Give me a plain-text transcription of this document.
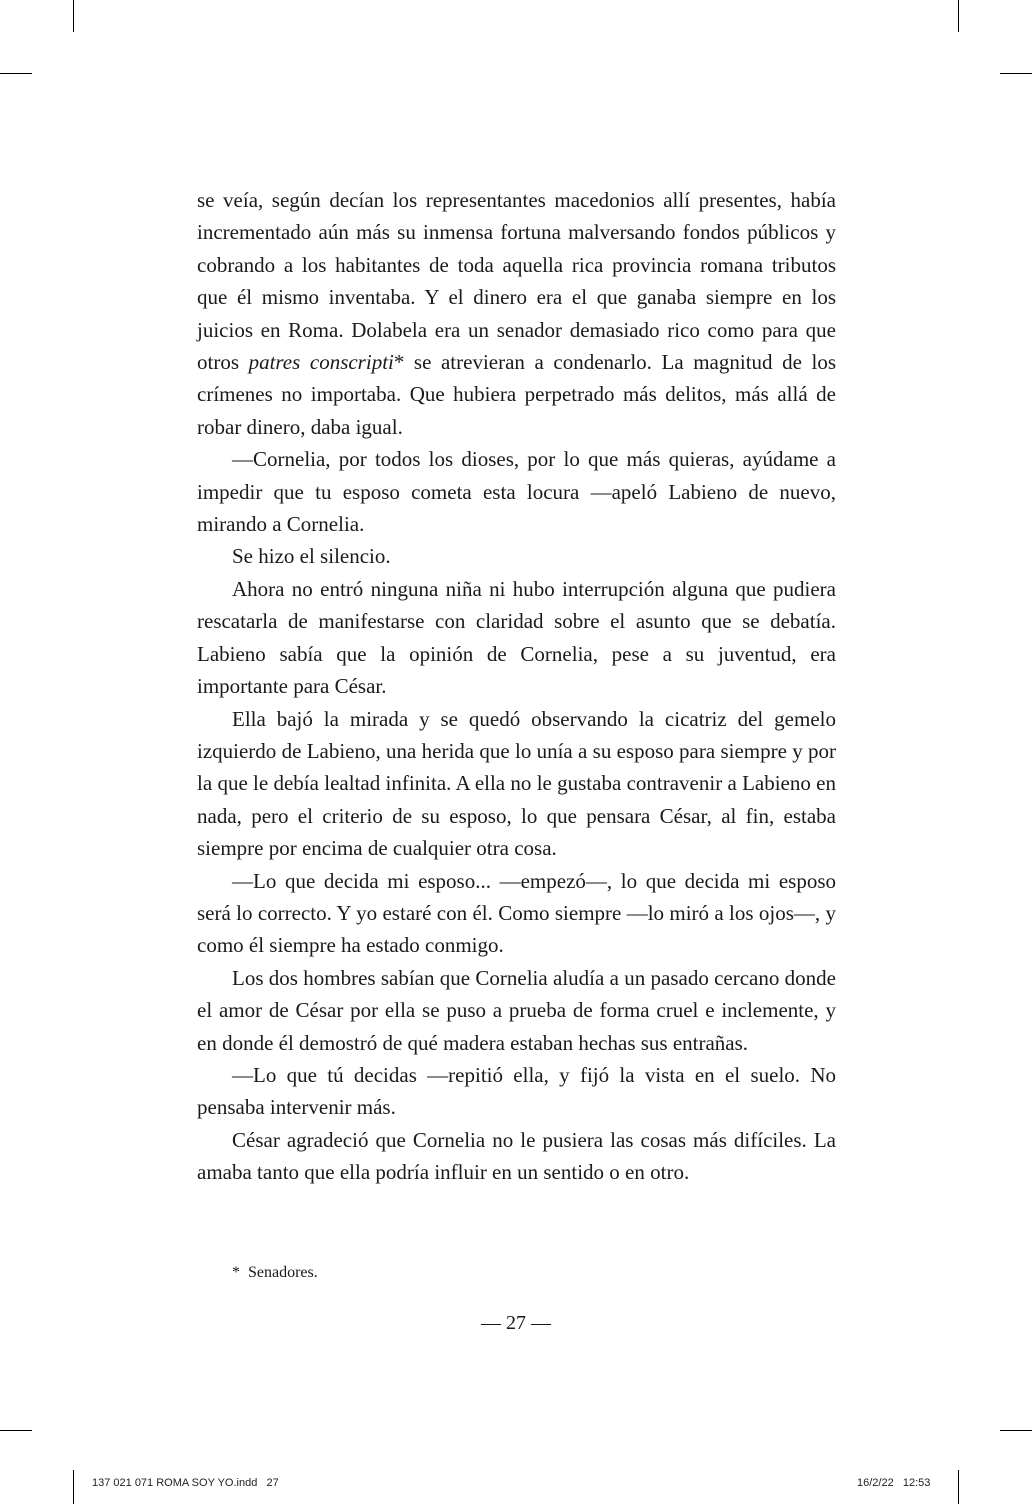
se veía, según decían los representantes macedonios allí presentes, había incrementado aún más su inmensa fortuna malversando fondos públicos y cobrando a los habitantes de toda aquella rica provincia romana tributos que él mismo inventaba. Y el dinero era el que ganaba siempre en los juicios en Roma. Dolabela era un senador demasiado rico como para que otros patres conscripti* se atrevieran a condenarlo. La magnitud de los crímenes no importaba. Que hubiera perpetrado más delitos, más allá de robar dinero, daba igual.

—Cornelia, por todos los dioses, por lo que más quieras, ayúdame a impedir que tu esposo cometa esta locura —apeló Labieno de nuevo, mirando a Cornelia.

Se hizo el silencio.

Ahora no entró ninguna niña ni hubo interrupción alguna que pudiera rescatarla de manifestarse con claridad sobre el asunto que se debatía. Labieno sabía que la opinión de Cornelia, pese a su juventud, era importante para César.

Ella bajó la mirada y se quedó observando la cicatriz del gemelo izquierdo de Labieno, una herida que lo unía a su esposo para siempre y por la que le debía lealtad infinita. A ella no le gustaba contravenir a Labieno en nada, pero el criterio de su esposo, lo que pensara César, al fin, estaba siempre por encima de cualquier otra cosa.

—Lo que decida mi esposo... —empezó—, lo que decida mi esposo será lo correcto. Y yo estaré con él. Como siempre —lo miró a los ojos—, y como él siempre ha estado conmigo.

Los dos hombres sabían que Cornelia aludía a un pasado cercano donde el amor de César por ella se puso a prueba de forma cruel e inclemente, y en donde él demostró de qué madera estaban hechas sus entrañas.

—Lo que tú decidas —repitió ella, y fijó la vista en el suelo. No pensaba intervenir más.

César agradeció que Cornelia no le pusiera las cosas más difíciles. La amaba tanto que ella podría influir en un sentido o en otro.

* Senadores.
— 27 —
137 021 071 ROMA SOY YO.indd   27	16/2/22   12:53
